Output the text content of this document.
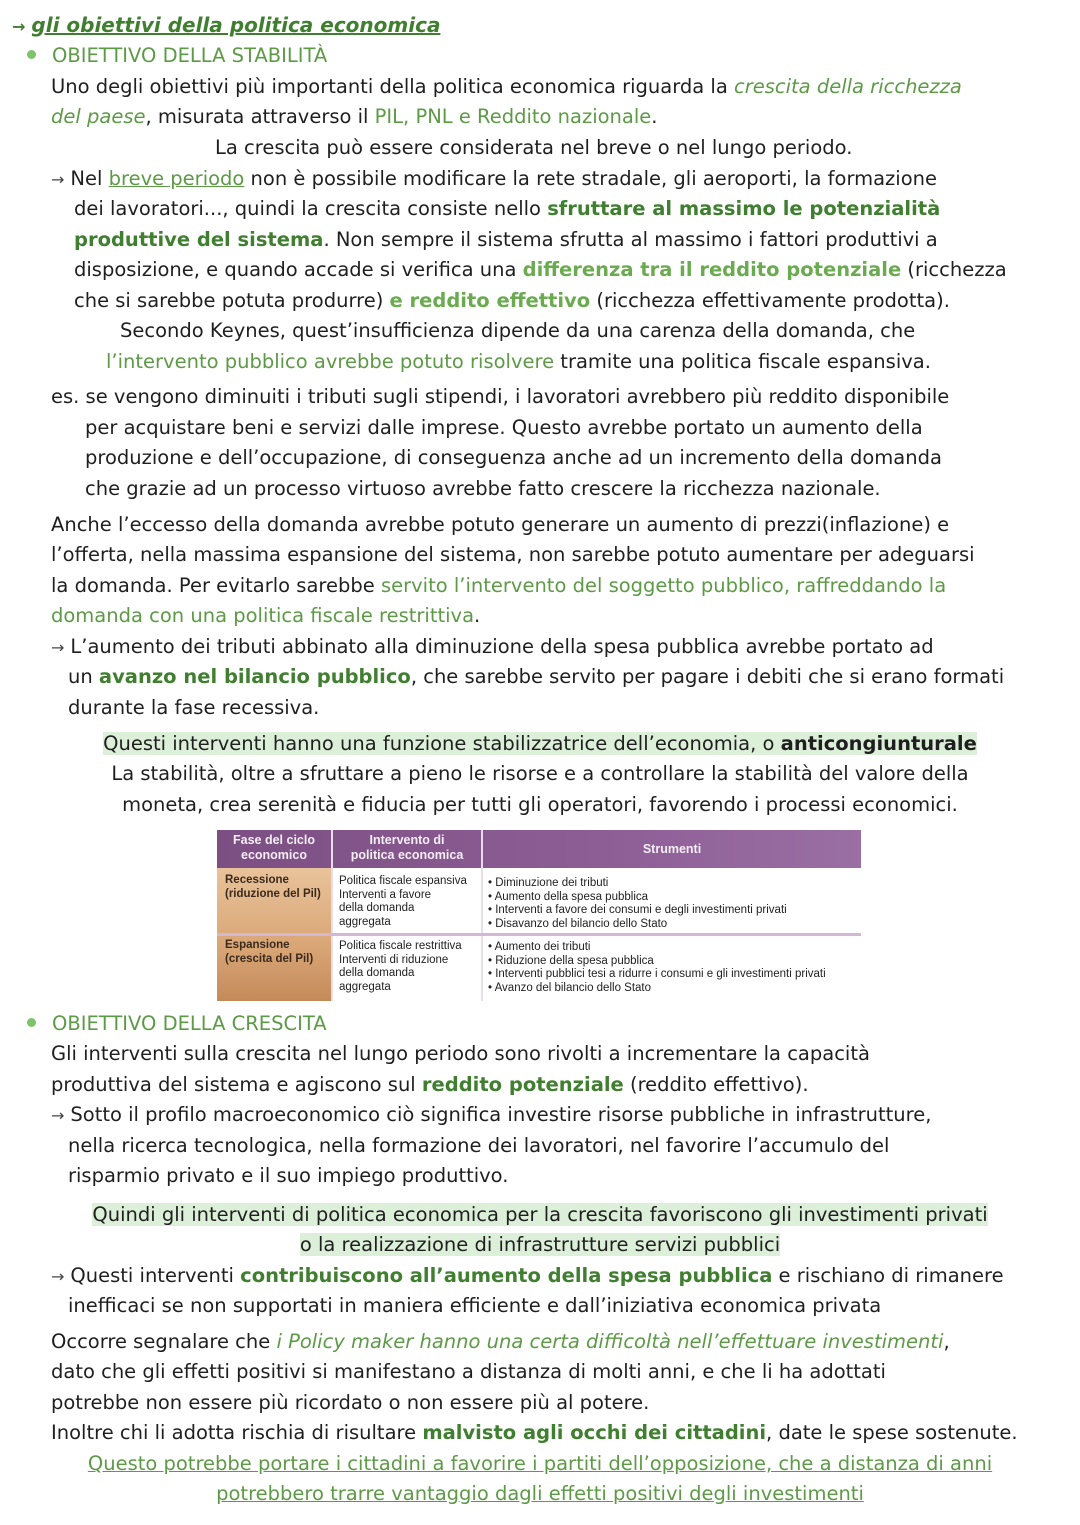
→ gli obiettivi della politica economica
OBIETTIVO DELLA STABILITÀ
Uno degli obiettivi più importanti della politica economica riguarda la crescita della ricchezza
del paese, misurata attraverso il PIL, PNL e Reddito nazionale.
La crescita può essere considerata nel breve o nel lungo periodo.
→ Nel breve periodo non è possibile modificare la rete stradale, gli aeroporti, la formazione
dei lavoratori..., quindi la crescita consiste nello sfruttare al massimo le potenzialità
produttive del sistema. Non sempre il sistema sfrutta al massimo i fattori produttivi a
disposizione, e quando accade si verifica una differenza tra il reddito potenziale (ricchezza
che si sarebbe potuta produrre) e reddito effettivo (ricchezza effettivamente prodotta).
Secondo Keynes, quest’insufficienza dipende da una carenza della domanda, che
l’intervento pubblico avrebbe potuto risolvere tramite una politica fiscale espansiva.
es. se vengono diminuiti i tributi sugli stipendi, i lavoratori avrebbero più reddito disponibile
per acquistare beni e servizi dalle imprese. Questo avrebbe portato un aumento della
produzione e dell’occupazione, di conseguenza anche ad un incremento della domanda
che grazie ad un processo virtuoso avrebbe fatto crescere la ricchezza nazionale.
Anche l’eccesso della domanda avrebbe potuto generare un aumento di prezzi(inflazione) e
l’offerta, nella massima espansione del sistema, non sarebbe potuto aumentare per adeguarsi
la domanda. Per evitarlo sarebbe servito l’intervento del soggetto pubblico, raffreddando la
domanda con una politica fiscale restrittiva.
→ L’aumento dei tributi abbinato alla diminuzione della spesa pubblica avrebbe portato ad
un avanzo nel bilancio pubblico, che sarebbe servito per pagare i debiti che si erano formati
durante la fase recessiva.
Questi interventi hanno una funzione stabilizzatrice dell’economia, o anticongiunturale
La stabilità, oltre a sfruttare a pieno le risorse e a controllare la stabilità del valore della
moneta, crea serenità e fiducia per tutti gli operatori, favorendo i processi economici.
Fase del ciclo
economico
Intervento di
politica economica	Strumenti
Recessione
(riduzione del Pil)
Politica fiscale espansiva
Interventi a favore
della domanda
aggregata
• Diminuzione dei tributi
• Aumento della spesa pubblica
• Interventi a favore dei consumi e degli investimenti privati
• Disavanzo del bilancio dello Stato
Espansione
(crescita del Pil)
Politica fiscale restrittiva
Interventi di riduzione
della domanda
aggregata
• Aumento dei tributi
• Riduzione della spesa pubblica
• Interventi pubblici tesi a ridurre i consumi e gli investimenti privati
• Avanzo del bilancio dello Stato
OBIETTIVO DELLA CRESCITA
Gli interventi sulla crescita nel lungo periodo sono rivolti a incrementare la capacità
produttiva del sistema e agiscono sul reddito potenziale (reddito effettivo).
→ Sotto il profilo macroeconomico ciò significa investire risorse pubbliche in infrastrutture,
nella ricerca tecnologica, nella formazione dei lavoratori, nel favorire l’accumulo del
risparmio privato e il suo impiego produttivo.
Quindi gli interventi di politica economica per la crescita favoriscono gli investimenti privati
o la realizzazione di infrastrutture servizi pubblici
→ Questi interventi contribuiscono all’aumento della spesa pubblica e rischiano di rimanere
inefficaci se non supportati in maniera efficiente e dall’iniziativa economica privata
Occorre segnalare che i Policy maker hanno una certa difficoltà nell’effettuare investimenti,
dato che gli effetti positivi si manifestano a distanza di molti anni, e che li ha adottati
potrebbe non essere più ricordato o non essere più al potere.
Inoltre chi li adotta rischia di risultare malvisto agli occhi dei cittadini, date le spese sostenute.
Questo potrebbe portare i cittadini a favorire i partiti dell’opposizione, che a distanza di anni
potrebbero trarre vantaggio dagli effetti positivi degli investimenti
